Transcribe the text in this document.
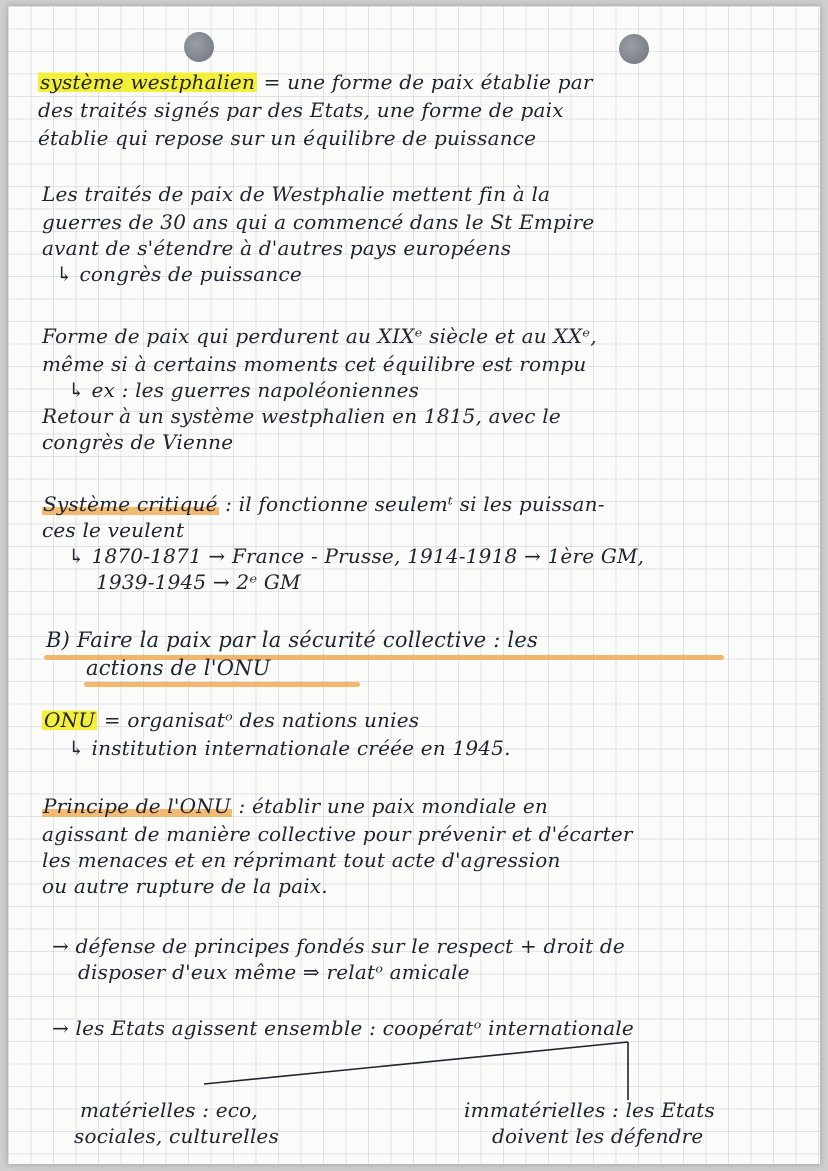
système westphalien = une forme de paix établie par
des traités signés par des Etats, une forme de paix
établie qui repose sur un équilibre de puissance
Les traités de paix de Westphalie mettent fin à la
guerres de 30 ans qui a commencé dans le St Empire
avant de s'étendre à d'autres pays européens
↳ congrès de puissance
Forme de paix qui perdurent au XIXᵉ siècle et au XXᵉ,
même si à certains moments cet équilibre est rompu
↳ ex : les guerres napoléoniennes
Retour à un système westphalien en 1815, avec le
congrès de Vienne
Système critiqué : il fonctionne seulemᵗ si les puissan-
ces le veulent
↳ 1870-1871 → France - Prusse, 1914-1918 → 1ère GM,
1939-1945 → 2ᵉ GM
B) Faire la paix par la sécurité collective : les
actions de l'ONU
ONU = organisatᵒ des nations unies
↳ institution internationale créée en 1945.
Principe de l'ONU : établir une paix mondiale en
agissant de manière collective pour prévenir et d'écarter
les menaces et en réprimant tout acte d'agression
ou autre rupture de la paix.
→ défense de principes fondés sur le respect + droit de
disposer d'eux même ⇒ relatᵒ amicale
→ les Etats agissent ensemble : coopératᵒ internationale
matérielles : eco,
sociales, culturelles
immatérielles : les Etats
doivent les défendre
